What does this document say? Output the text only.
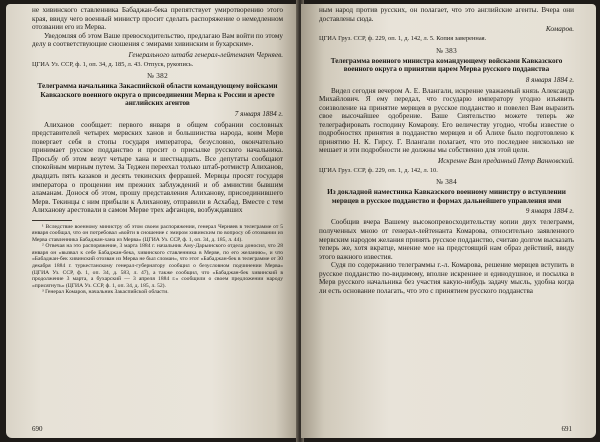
не хивинского ставленника Бабаджан-бека препятствует умиротворению этого края, ввиду чего военный министр просит сделать распоряжение о немедленном отозвании его из Мерва.

Уведомляя об этом Ваше превосходительство, предлагаю Вам войти по этому делу в соответствующие сношения с эмирами хивинским и бухарским».

Генерального штаба генерал-лейтенант Черняев.

ЦГИА Уз. ССР, ф. 1, оп. 34, д. 185, л. 43. Отпуск, рукопись.

№ 382

Телеграмма начальника Закаспийской области командующему войсками Кавказского военного округа о присоединении Мерва к России и аресте английских агентов

7 января 1884 г.

Алиханов сообщает: первого января в общем собрании сословных представителей четырех мервских ханов и большинства народа, коим Мерв повергает себя в стопы государя императора, безусловно, окончательно принимает русское подданство и просит о присылке русского начальника. Просьбу об этом везут четыре хана и шестнадцать. Все депутаты сообщают спокойным мирным путем. За Теджен переехал только штаб-ротмистр Алиханов, двадцать пять казаков и десять текинских феррашей. Мервцы просят государя императора о прощении им прежних заблуждений и об амнистии бывшим аламанам. Донося об этом, прошу представления Алиханову, присоединившего Мерв. Текинцы с ним прибыли к Алиханову, отправили в Асхабад. Вместе с тем Алиханову арестовали в самом Мерве трех афганцев, возбуждавших

¹ Вследствие военному министру об этом своем распоряжении, генерал Черняев в телеграмме от 5 января сообщал, что он потребовал «войти в сношение с эмиром хивинским по вопросу об отозвании из Мерва ставленника Бабаджан-хана из Мерва» (ЦГИА Уз. ССР, ф. 1, оп. 34, д. 185, л. 44).

² Отвечая на это распоряжение, 3 марта 1884 г. начальник Аму-Дарьинского отдела доносил, что 28 января он «вызвал к себе Бабаджан-бека, хивинского ставленника в Мерве, по его желанию», и что «Бабаджан-бек хивинский отозван из Мерва не был сломан», что этот «Бабаджан-бек в телеграмме от 30 декабря 1884 г. туркестанскому генерал-губернатору сообщил о безусловном подчинении Мерва» (ЦГИА Уз. ССР, ф. 1, оп. 34, д. 583, л. 47), а также сообщил, что «Бабаджан-бек хивинский в продолжение 3 марта, а бухарский — 3 апреля 1884 г.» сообщили о своем предложении народу «присягнуть» (ЦГИА Уз. ССР, ф. 1, оп. 34, д. 185, л. 52).

³ Генерал Комаров, начальник Закаспийской области.

690

ным народ против русских, он полагает, что это английские агенты. Вчера они доставлены сюда.

Комаров.

ЦГИА Груз. ССР, ф. 229, оп. 1, д. 142, л. 5. Копия заверенная.

№ 383

Телеграмма военного министра командующему войсками Кавказского военного округа о принятии царем Мерва русского подданства

8 января 1884 г.

Видел сегодня вечером А. Е. Влангали, искренне уважаемый князь Александр Михайлович. Я ему передал, что государю императору угодно изъявить соизволение на принятие мервцев в русское подданство и повелел Вам выразить свое высочайшее одобрение. Ваше Сиятельство можете теперь же телеграфировать господину Комарову. Его величеству угодно, чтобы известие о подробностях принятия в подданство мервцев и об Алихе было подготовлено к принятию Н. К. Гирсу. Г. Влангали полагает, что это последнее нисколько не мешает и эти подробности не должны мы собственно для этой цели.

Искренне Вам преданный Петр Ванновский.

ЦГИА Груз. ССР, ф. 229, оп. 1, д. 142, л. 10.

№ 384

Из докладной наместника Кавказского военному министру о вступлении мервцев в русское подданство и формах дальнейшего управления ими

9 января 1884 г.

Сообщив вчера Вашему высокопревосходительству копии двух телеграмм, полученных мною от генерал-лейтенанта Комарова, относительно заявленного мервским народом желания принять русское подданство, считаю долгом высказать теперь же, хотя вкратце, мнение мое на предстоящий нам образ действий, ввиду этого важного известия.

Судя по содержанию телеграммы г.-л. Комарова, решение мервцев вступить в русское подданство по-видимому, вполне искреннее и единодушное, и посылка в Мерв русского начальника без участия какую-нибудь задачу мысль, удобна когда ли есть основание полагать, что это с принятием русского подданства

691
